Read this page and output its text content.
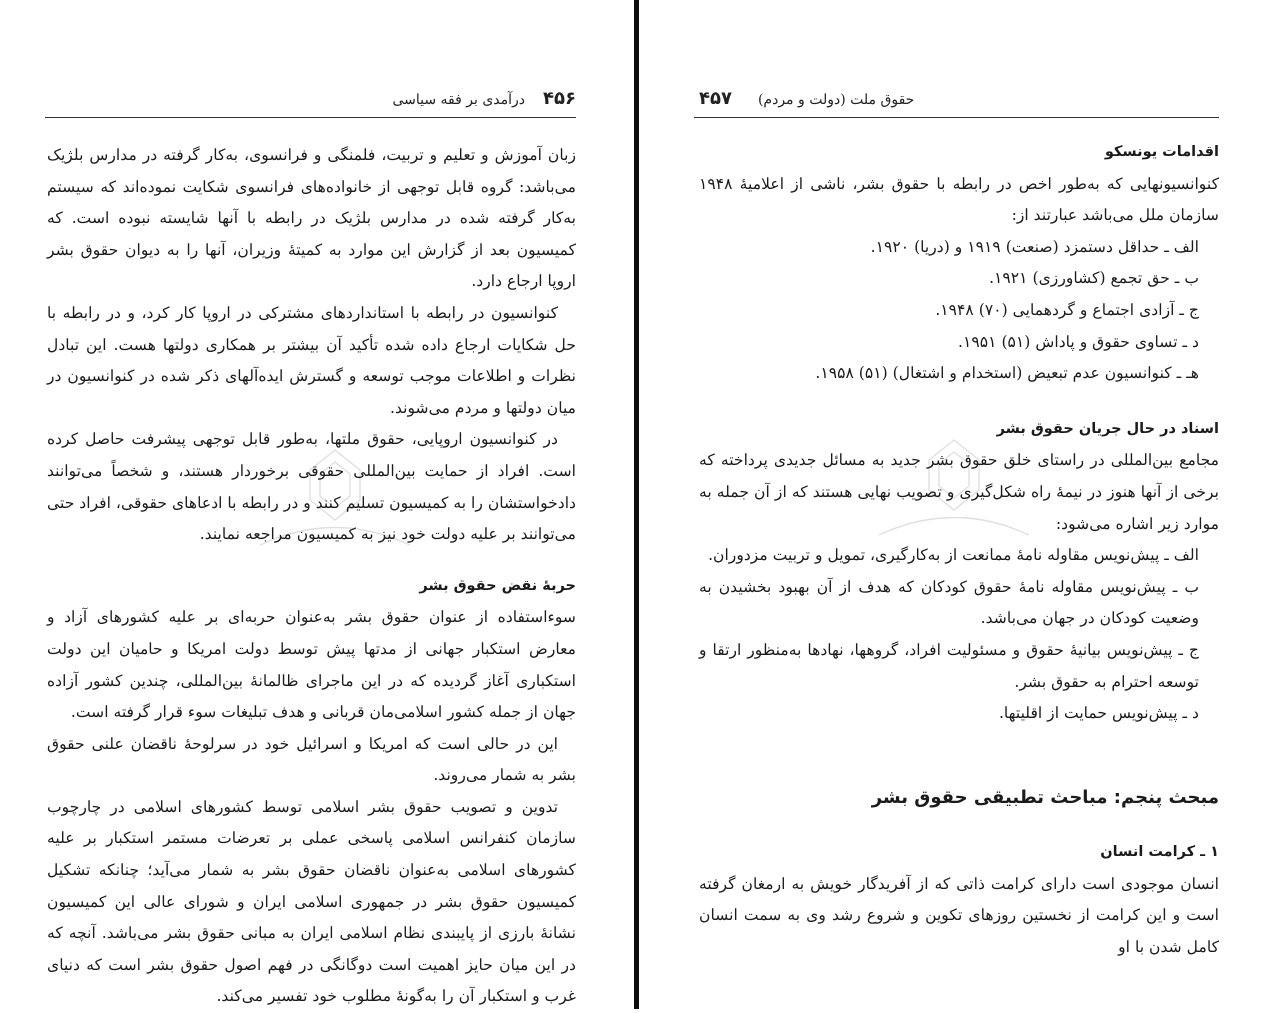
۴۵۶
درآمدی بر فقه سیاسی

زبان آموزش و تعلیم و تربیت، فلمنگی و فرانسوی، به‌کار گرفته در مدارس بلژیک می‌باشد: گروه قابل توجهی از خانواده‌های فرانسوی شکایت نموده‌اند که سیستم به‌کار گرفته شده در مدارس بلژیک در رابطه با آنها شایسته نبوده است. که کمیسیون بعد از گزارش این موارد به کمیتهٔ وزیران، آنها را به دیوان حقوق بشر اروپا ارجاع دارد.

کنوانسیون در رابطه با استانداردهای مشترکی در اروپا کار کرد، و در رابطه با حل شکایات ارجاع داده شده تأکید آن بیشتر بر همکاری دولتها هست. این تبادل نظرات و اطلاعات موجب توسعه و گسترش ایده‌آلهای ذکر شده در کنوانسیون در میان دولتها و مردم می‌شوند.

در کنوانسیون اروپایی، حقوق ملتها، به‌طور قابل توجهی پیشرفت حاصل کرده است. افراد از حمایت بین‌المللی حقوقی برخوردار هستند، و شخصاً می‌توانند دادخواستشان را به کمیسیون تسلیم کنند و در رابطه با ادعاهای حقوقی، افراد حتی می‌توانند بر علیه دولت خود نیز به کمیسیون مراجعه نمایند.

حربهٔ نقض حقوق بشر

سوءاستفاده از عنوان حقوق بشر به‌عنوان حربه‌ای بر علیه کشورهای آزاد و معارض استکبار جهانی از مدتها پیش توسط دولت امریکا و حامیان این دولت استکباری آغاز گردیده که در این ماجرای ظالمانهٔ بین‌المللی، چندین کشور آزاده جهان از جمله کشور اسلامی‌مان قربانی و هدف تبلیغات سوء قرار گرفته است.

این در حالی است که امریکا و اسرائیل خود در سرلوحهٔ ناقضان علنی حقوق بشر به شمار می‌روند.

تدوین و تصویب حقوق بشر اسلامی توسط کشورهای اسلامی در چارچوب سازمان کنفرانس اسلامی پاسخی عملی بر تعرضات مستمر استکبار بر علیه کشورهای اسلامی به‌عنوان ناقضان حقوق بشر به شمار می‌آید؛ چنانکه تشکیل کمیسیون حقوق بشر در جمهوری اسلامی ایران و شورای عالی این کمیسیون نشانهٔ بارزی از پایبندی نظام اسلامی ایران به مبانی حقوق بشر می‌باشد. آنچه که در این میان حایز اهمیت است دوگانگی در فهم اصول حقوق بشر است که دنیای غرب و استکبار آن را به‌گونهٔ مطلوب خود تفسیر می‌کند.

حقوق ملت (دولت و مردم)
۴۵۷

اقدامات یونسکو

کنوانسیونهایی که به‌طور اخص در رابطه با حقوق بشر، ناشی از اعلامیهٔ ۱۹۴۸ سازمان ملل می‌باشد عبارتند از:

الف ـ حداقل دستمزد (صنعت) ۱۹۱۹ و (دریا) ۱۹۲۰.

ب ـ حق تجمع (کشاورزی) ۱۹۲۱.

ج ـ آزادی اجتماع و گردهمایی (۷۰) ۱۹۴۸.

د ـ تساوی حقوق و پاداش (۵۱) ۱۹۵۱.

هـ ـ کنوانسیون عدم تبعیض (استخدام و اشتغال) (۵۱) ۱۹۵۸.

اسناد در حال جریان حقوق بشر

مجامع بین‌المللی در راستای خلق حقوق بشر جدید به مسائل جدیدی پرداخته که برخی از آنها هنوز در نیمهٔ راه شکل‌گیری و تصویب نهایی هستند که از آن جمله به موارد زیر اشاره می‌شود:

الف ـ پیش‌نویس مقاوله نامهٔ ممانعت از به‌کارگیری، تمویل و تربیت مزدوران.

ب ـ پیش‌نویس مقاوله نامهٔ حقوق کودکان که هدف از آن بهبود بخشیدن به وضعیت کودکان در جهان می‌باشد.

ج ـ پیش‌نویس بیانیهٔ حقوق و مسئولیت افراد، گروهها، نهادها به‌منظور ارتقا و توسعه احترام به حقوق بشر.

د ـ پیش‌نویس حمایت از اقلیتها.

مبحث پنجم: مباحث تطبیقی حقوق بشر

۱ ـ کرامت انسان

انسان موجودی است دارای کرامت ذاتی که از آفریدگار خویش به ارمغان گرفته است و این کرامت از نخستین روزهای تکوین و شروع رشد وی به سمت انسان کامل شدن با او
